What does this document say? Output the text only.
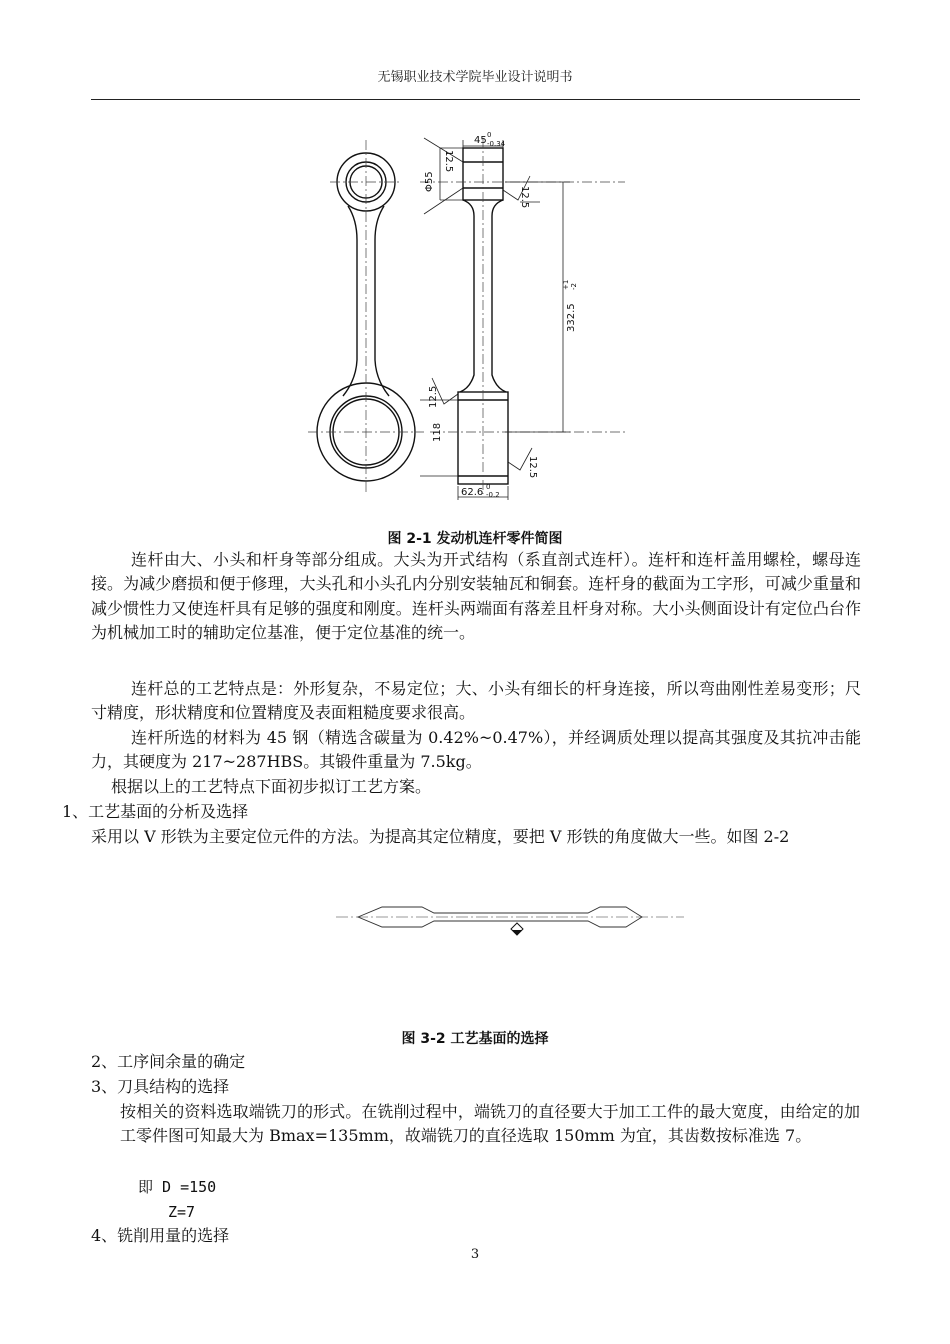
无锡职业技术学院毕业设计说明书
45 0
-0.34
12.5
Φ55
12.5
332.5
+1 -2
12.5
118
12.5
62.6 0
-0.2
图 2-1 发动机连杆零件简图
连杆由大、小头和杆身等部分组成。大头为开式结构（系直剖式连杆）。连杆和连杆盖用螺栓，螺母连接。为减少磨损和便于修理，大头孔和小头孔内分别安装轴瓦和铜套。连杆身的截面为工字形，可减少重量和减少惯性力又使连杆具有足够的强度和刚度。连杆头两端面有落差且杆身对称。大小头侧面设计有定位凸台作为机械加工时的辅助定位基准，便于定位基准的统一。
连杆总的工艺特点是：外形复杂，不易定位；大、小头有细长的杆身连接，所以弯曲刚性差易变形；尺寸精度，形状精度和位置精度及表面粗糙度要求很高。
连杆所选的材料为 45 钢（精选含碳量为 0.42%~0.47%），并经调质处理以提高其强度及其抗冲击能力，其硬度为 217~287HBS。其锻件重量为 7.5kg。
根据以上的工艺特点下面初步拟订工艺方案。
1、工艺基面的分析及选择
采用以 V 形铁为主要定位元件的方法。为提高其定位精度，要把 V 形铁的角度做大一些。如图 2-2
图 3-2 工艺基面的选择
2、工序间余量的确定
3、刀具结构的选择
按相关的资料选取端铣刀的形式。在铣削过程中，端铣刀的直径要大于加工工件的最大宽度，由给定的加工零件图可知最大为 Bmax=135mm，故端铣刀的直径选取 150mm 为宜，其齿数按标准选 7。
即 D =150
Z=7
4、铣削用量的选择
3
